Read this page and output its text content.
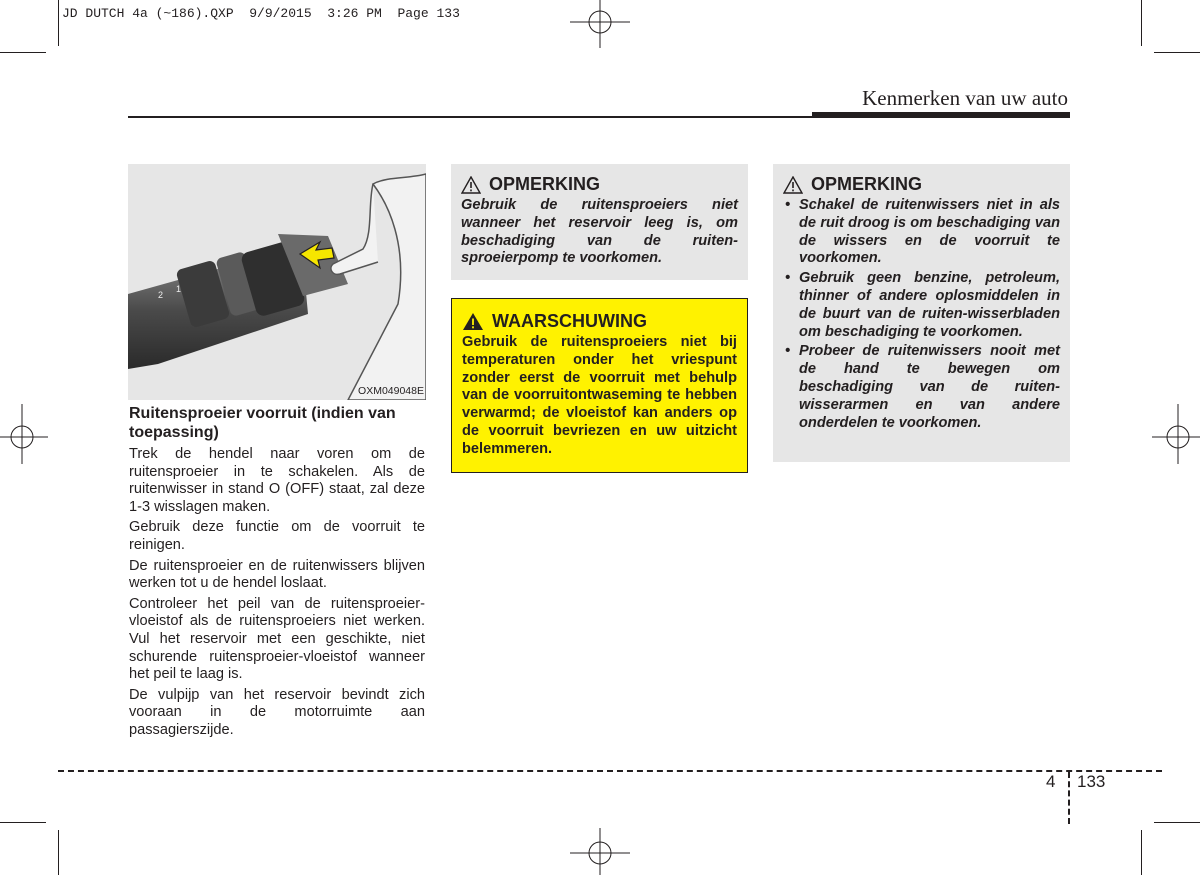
JD DUTCH 4a (~186).QXP  9/9/2015  3:26 PM  Page 133
Kenmerken van uw auto
2
1
OXM049048E
Ruitensproeier voorruit (indien van toepassing)

Trek de hendel naar voren om de ruitensproeier in te schakelen. Als de ruitenwisser in stand O (OFF) staat, zal deze 1-3 wisslagen maken.

Gebruik deze functie om de voorruit te reinigen.

De ruitensproeier en de ruitenwissers blijven werken tot u de hendel loslaat.

Controleer het peil van de ruitensproeier-vloeistof als de ruitensproeiers niet werken. Vul het reservoir met een geschikte, niet schurende ruitensproeier-vloeistof wanneer het peil te laag is.

De vulpijp van het reservoir bevindt zich vooraan in de motorruimte aan passagierszijde.

OPMERKING
Gebruik de ruitensproeiers niet wanneer het reservoir leeg is, om beschadiging van de ruiten-sproeierpomp te voorkomen.
WAARSCHUWING
Gebruik de ruitensproeiers niet bij temperaturen onder het vriespunt zonder eerst de voorruit met behulp van de voorruitontwaseming te hebben verwarmd; de vloeistof kan anders op de voorruit bevriezen en uw uitzicht belemmeren.
OPMERKING
• Schakel de ruitenwissers niet in als de ruit droog is om beschadiging van de wissers en de voorruit te voorkomen.
• Gebruik geen benzine, petroleum, thinner of andere oplosmiddelen in de buurt van de ruiten-wisserbladen om beschadiging te voorkomen.
• Probeer de ruitenwissers nooit met de hand te bewegen om beschadiging van de ruiten-wisserarmen en van andere onderdelen te voorkomen.
4 133
